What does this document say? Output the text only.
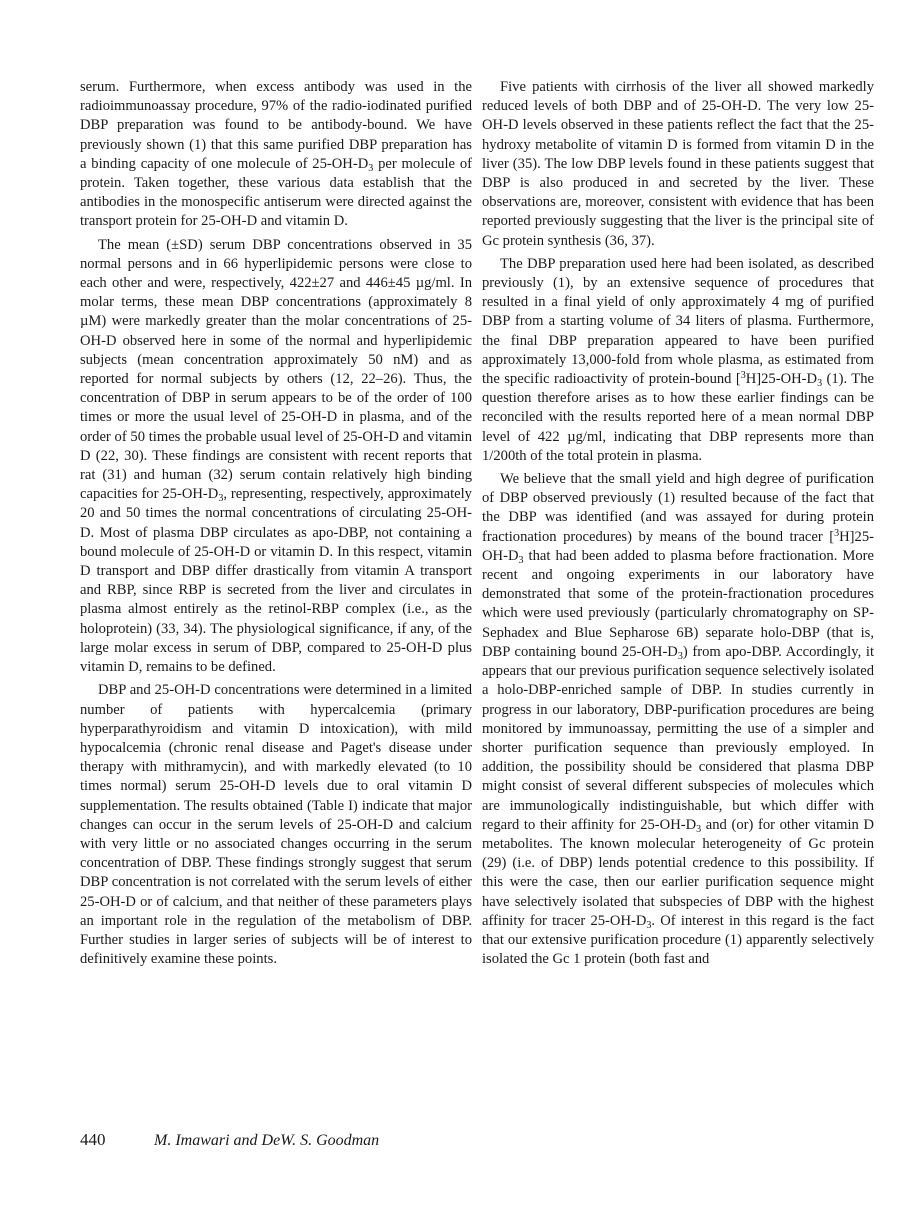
serum. Furthermore, when excess antibody was used in the radioimmunoassay procedure, 97% of the radio-iodinated purified DBP preparation was found to be antibody-bound. We have previously shown (1) that this same purified DBP preparation has a binding capacity of one molecule of $25-OH-D_3$ per molecule of protein. Taken together, these various data establish that the antibodies in the monospecific antiserum were directed against the transport protein for 25-OH-D and vitamin D.

The mean (±SD) serum DBP concentrations observed in 35 normal persons and in 66 hyperlipidemic persons were close to each other and were, respectively, 422±27 and 446±45 µg/ml. In molar terms, these mean DBP concentrations (approximately 8 µM) were markedly greater than the molar concentrations of 25-OH-D observed here in some of the normal and hyperlipidemic subjects (mean concentration approximately 50 nM) and as reported for normal subjects by others (12, 22–26). Thus, the concentration of DBP in serum appears to be of the order of 100 times or more the usual level of 25-OH-D in plasma, and of the order of 50 times the probable usual level of 25-OH-D and vitamin D (22, 30). These findings are consistent with recent reports that rat (31) and human (32) serum contain relatively high binding capacities for $25-OH-D_3$, representing, respectively, approximately 20 and 50 times the normal concentrations of circulating 25-OH-D. Most of plasma DBP circulates as apo-DBP, not containing a bound molecule of 25-OH-D or vitamin D. In this respect, vitamin D transport and DBP differ drastically from vitamin A transport and RBP, since RBP is secreted from the liver and circulates in plasma almost entirely as the retinol-RBP complex (i.e., as the holoprotein) (33, 34). The physiological significance, if any, of the large molar excess in serum of DBP, compared to 25-OH-D plus vitamin D, remains to be defined.

DBP and 25-OH-D concentrations were determined in a limited number of patients with hypercalcemia (primary hyperparathyroidism and vitamin D intoxication), with mild hypocalcemia (chronic renal disease and Paget's disease under therapy with mithramycin), and with markedly elevated (to 10 times normal) serum 25-OH-D levels due to oral vitamin D supplementation. The results obtained (Table I) indicate that major changes can occur in the serum levels of 25-OH-D and calcium with very little or no associated changes occurring in the serum concentration of DBP. These findings strongly suggest that serum DBP concentration is not correlated with the serum levels of either 25-OH-D or of calcium, and that neither of these parameters plays an important role in the regulation of the metabolism of DBP. Further studies in larger series of subjects will be of interest to definitively examine these points.

Five patients with cirrhosis of the liver all showed markedly reduced levels of both DBP and of 25-OH-D. The very low 25-OH-D levels observed in these patients reflect the fact that the 25-hydroxy metabolite of vitamin D is formed from vitamin D in the liver (35). The low DBP levels found in these patients suggest that DBP is also produced in and secreted by the liver. These observations are, moreover, consistent with evidence that has been reported previously suggesting that the liver is the principal site of Gc protein synthesis (36, 37).

The DBP preparation used here had been isolated, as described previously (1), by an extensive sequence of procedures that resulted in a final yield of only approximately 4 mg of purified DBP from a starting volume of 34 liters of plasma. Furthermore, the final DBP preparation appeared to have been purified approximately 13,000-fold from whole plasma, as estimated from the specific radioactivity of protein-bound $[^3H]25-OH-D_3$ (1). The question therefore arises as to how these earlier findings can be reconciled with the results reported here of a mean normal DBP level of 422 µg/ml, indicating that DBP represents more than 1/200th of the total protein in plasma.

We believe that the small yield and high degree of purification of DBP observed previously (1) resulted because of the fact that the DBP was identified (and was assayed for during protein fractionation procedures) by means of the bound tracer $[^3H]25-OH-D_3$ that had been added to plasma before fractionation. More recent and ongoing experiments in our laboratory have demonstrated that some of the protein-fractionation procedures which were used previously (particularly chromatography on SP-Sephadex and Blue Sepharose 6B) separate holo-DBP (that is, DBP containing bound $25-OH-D_3$) from apo-DBP. Accordingly, it appears that our previous purification sequence selectively isolated a holo-DBP-enriched sample of DBP. In studies currently in progress in our laboratory, DBP-purification procedures are being monitored by immunoassay, permitting the use of a simpler and shorter purification sequence than previously employed. In addition, the possibility should be considered that plasma DBP might consist of several different subspecies of molecules which are immunologically indistinguishable, but which differ with regard to their affinity for $25-OH-D_3$ and (or) for other vitamin D metabolites. The known molecular heterogeneity of Gc protein (29) (i.e. of DBP) lends potential credence to this possibility. If this were the case, then our earlier purification sequence might have selectively isolated that subspecies of DBP with the highest affinity for tracer $25-OH-D_3$. Of interest in this regard is the fact that our extensive purification procedure (1) apparently selectively isolated the Gc 1 protein (both fast and

440	M. Imawari and DeW. S. Goodman
